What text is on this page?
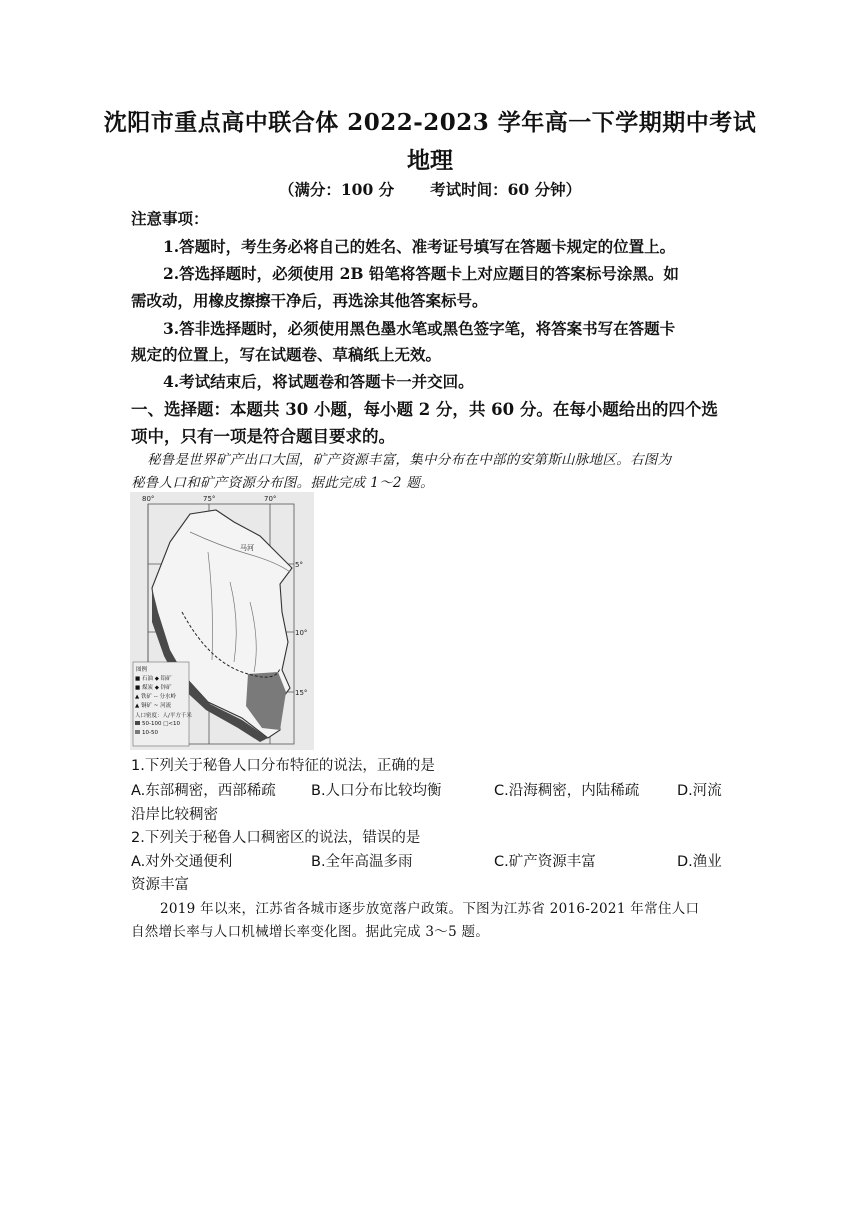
沈阳市重点高中联合体 2022-2023 学年高一下学期期中考试

地理

（满分：100 分 考试时间：60 分钟）

注意事项：

1.答题时，考生务必将自己的姓名、准考证号填写在答题卡规定的位置上。

2.答选择题时，必须使用 2B 铅笔将答题卡上对应题目的答案标号涂黑。如

需改动，用橡皮擦擦干净后，再选涂其他答案标号。

3.答非选择题时，必须使用黑色墨水笔或黑色签字笔，将答案书写在答题卡

规定的位置上，写在试题卷、草稿纸上无效。

4.考试结束后，将试题卷和答题卡一并交回。

一、选择题：本题共 30 小题，每小题 2 分，共 60 分。在每小题给出的四个选

项中，只有一项是符合题目要求的。

秘鲁是世界矿产出口大国，矿产资源丰富，集中分布在中部的安第斯山脉地区。右图为

秘鲁人口和矿产资源分布图。据此完成 1～2 题。

80°	75°	70°
5°
10°
15°
马河
图例
■ 石油 ◆ 铅矿
■ 煤炭 ◆ 锌矿
▲ 铁矿 -- 分水岭
▲ 铜矿 ~ 河流
人口密度：人/平方千米
50-100 □<10
10-50

1.下列关于秘鲁人口分布特征的说法，正确的是

A.东部稠密，西部稀疏 B.人口分布比较均衡	C.沿海稠密，内陆稀疏	D.河流

沿岸比较稠密

2.下列关于秘鲁人口稠密区的说法，错误的是

A.对外交通便利	B.全年高温多雨	C.矿产资源丰富	D.渔业

资源丰富

2019 年以来，江苏省各城市逐步放宽落户政策。下图为江苏省 2016-2021 年常住人口

自然增长率与人口机械增长率变化图。据此完成 3～5 题。
